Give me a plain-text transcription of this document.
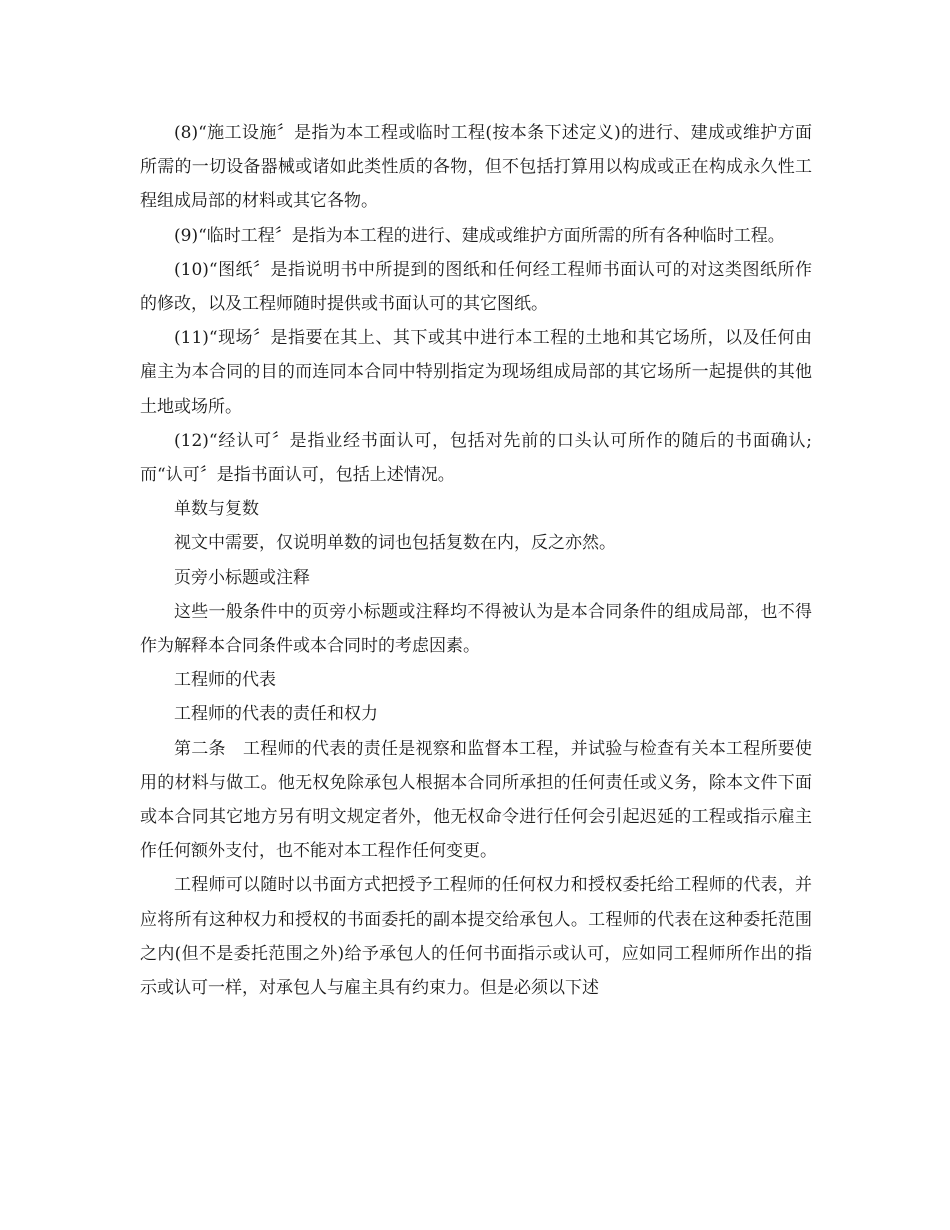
(8)“施工设施〞是指为本工程或临时工程(按本条下述定义)的进行、建成或维护方面所需的一切设备器械或诸如此类性质的各物，但不包括打算用以构成或正在构成永久性工程组成局部的材料或其它各物。

(9)“临时工程〞是指为本工程的进行、建成或维护方面所需的所有各种临时工程。

(10)“图纸〞是指说明书中所提到的图纸和任何经工程师书面认可的对这类图纸所作的修改，以及工程师随时提供或书面认可的其它图纸。

(11)“现场〞是指要在其上、其下或其中进行本工程的土地和其它场所，以及任何由雇主为本合同的目的而连同本合同中特别指定为现场组成局部的其它场所一起提供的其他土地或场所。

(12)“经认可〞是指业经书面认可，包括对先前的口头认可所作的随后的书面确认;而“认可〞是指书面认可，包括上述情况。

单数与复数

视文中需要，仅说明单数的词也包括复数在内，反之亦然。

页旁小标题或注释

这些一般条件中的页旁小标题或注释均不得被认为是本合同条件的组成局部，也不得作为解释本合同条件或本合同时的考虑因素。

工程师的代表

工程师的代表的责任和权力

第二条　工程师的代表的责任是视察和监督本工程，并试验与检查有关本工程所要使用的材料与做工。他无权免除承包人根据本合同所承担的任何责任或义务，除本文件下面或本合同其它地方另有明文规定者外，他无权命令进行任何会引起迟延的工程或指示雇主作任何额外支付，也不能对本工程作任何变更。

工程师可以随时以书面方式把授予工程师的任何权力和授权委托给工程师的代表，并应将所有这种权力和授权的书面委托的副本提交给承包人。工程师的代表在这种委托范围之内(但不是委托范围之外)给予承包人的任何书面指示或认可，应如同工程师所作出的指示或认可一样，对承包人与雇主具有约束力。但是必须以下述
